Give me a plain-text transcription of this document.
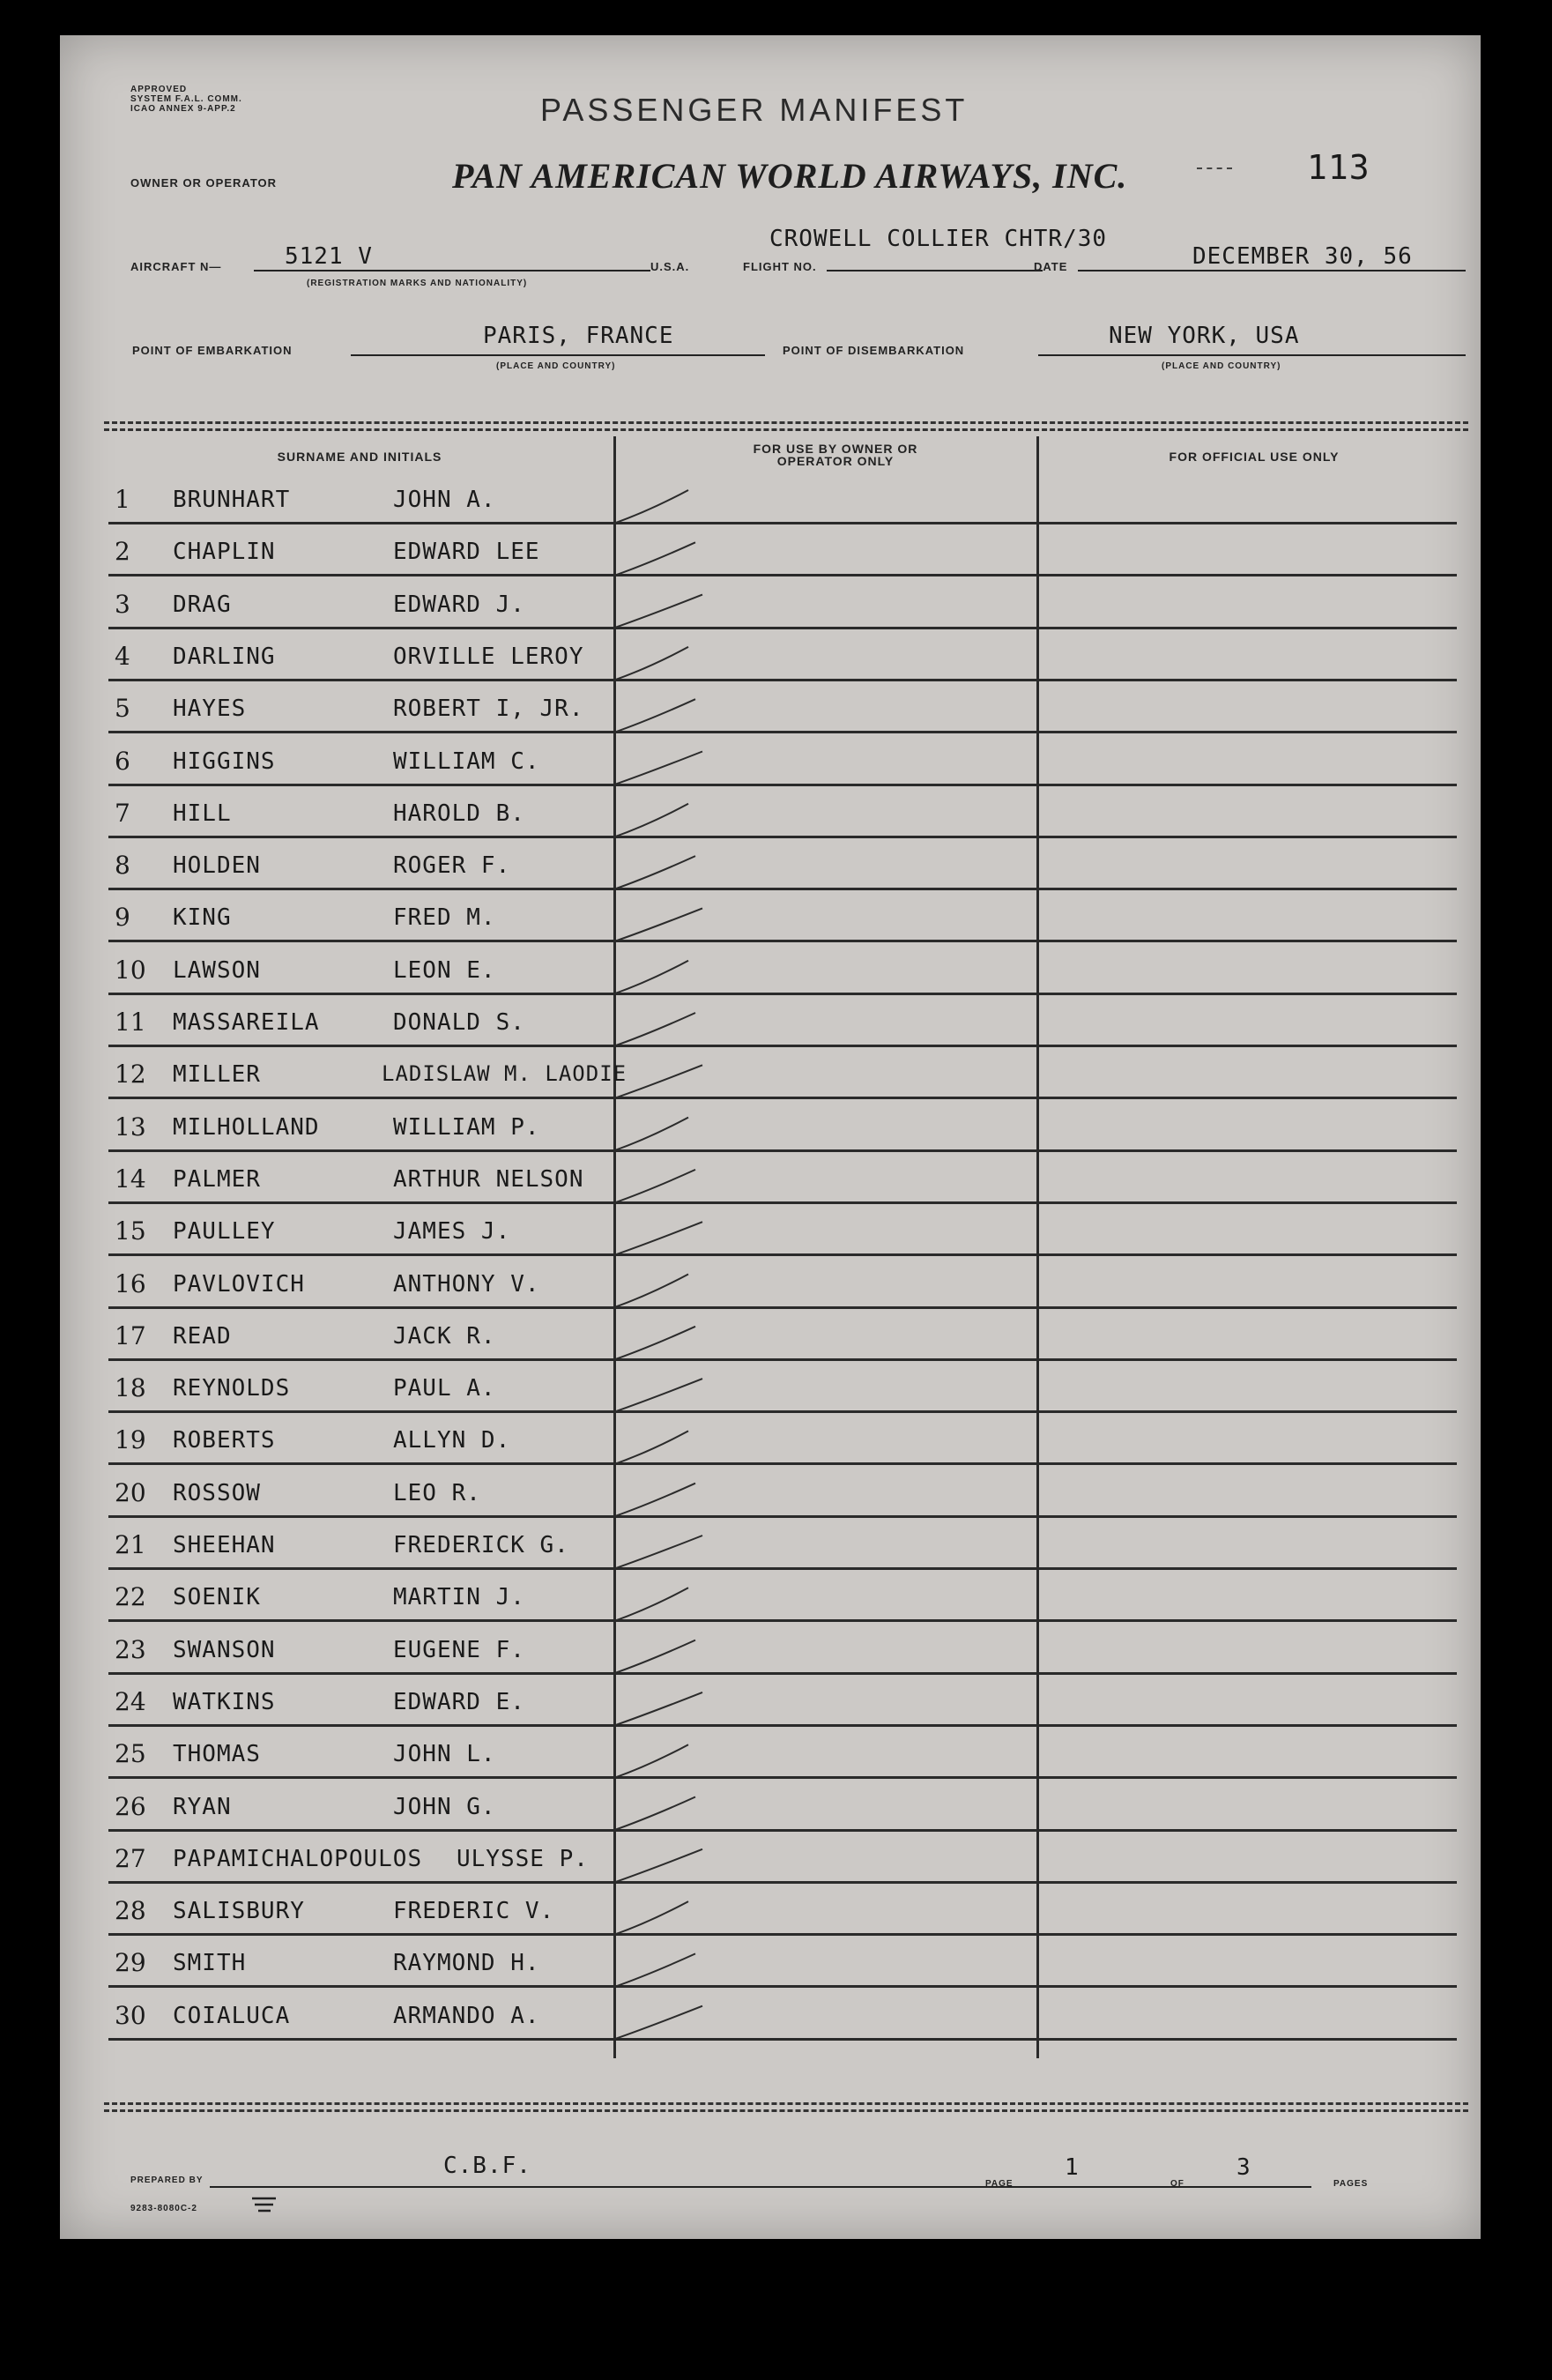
APPROVED
SYSTEM F.A.L. COMM.
ICAO ANNEX 9-APP.2	PASSENGER MANIFEST
OWNER OR OPERATOR	PAN AMERICAN WORLD AIRWAYS, INC.	113
AIRCRAFT N—	5121 V
(REGISTRATION MARKS AND NATIONALITY)
U.S.A.	FLIGHT NO.
CROWELL COLLIER CHTR/30
DATE	DECEMBER 30, 56
POINT OF EMBARKATION
PARIS, FRANCE
(PLACE AND COUNTRY)
POINT OF DISEMBARKATION
NEW YORK, USA
(PLACE AND COUNTRY)
SURNAME AND INITIALS
FOR USE BY OWNER OR OPERATOR ONLY	FOR OFFICIAL USE ONLY
1 BRUNHART	JOHN A.
2 CHAPLIN	EDWARD LEE
3 DRAG	EDWARD J.
4 DARLING	ORVILLE LEROY
5 HAYES	ROBERT I, JR.
6 HIGGINS	WILLIAM C.
7 HILL	HAROLD B.
8 HOLDEN	ROGER F.
9 KING	FRED M.
10 LAWSON	LEON E.
11 MASSAREILA	DONALD S.
12 MILLER	LADISLAW M. LAODIE
13 MILHOLLAND	WILLIAM P.
14 PALMER	ARTHUR NELSON
15 PAULLEY	JAMES J.
16 PAVLOVICH	ANTHONY V.
17 READ	JACK R.
18 REYNOLDS	PAUL A.
19 ROBERTS	ALLYN D.
20 ROSSOW	LEO R.
21 SHEEHAN	FREDERICK G.
22 SOENIK	MARTIN J.
23 SWANSON	EUGENE F.
24 WATKINS	EDWARD E.
25 THOMAS	JOHN L.
26 RYAN	JOHN G.
27 PAPAMICHALOPOULOS ULYSSE P.
28 SALISBURY	FREDERIC V.
29 SMITH	RAYMOND H.
30 COIALUCA	ARMANDO A.
PREPARED BY
C.B.F.
PAGE
1
OF
3
PAGES
9283-8080C-2
